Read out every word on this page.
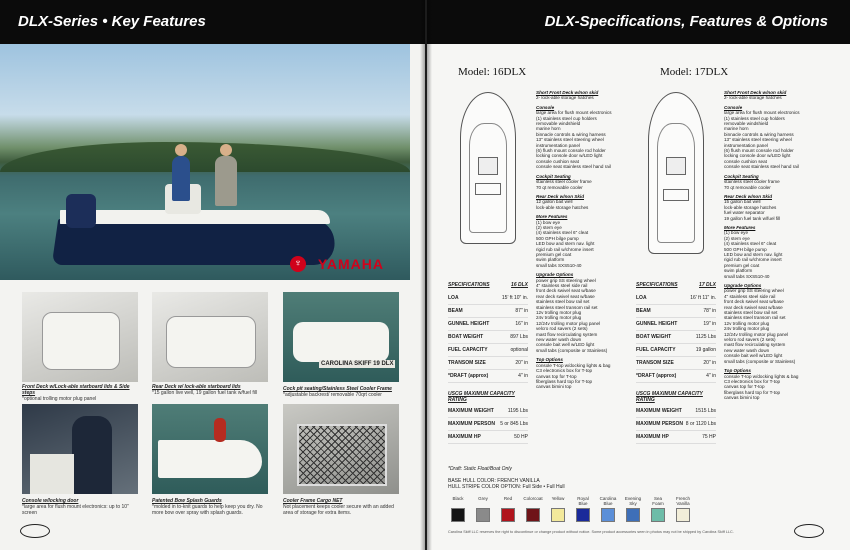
DLX-Series • Key Features
♆	YAMAHA
Front Deck w/Lock-able starboard lids & Side steps
*optional trolling motor plug panel
Rear Deck w/ lock-able starboard lids
*15 gallon live well, 19 gallon fuel tank w/fuel fill
CAROLINA SKIFF 19 DLX
Cock pit seating/Stainless Steel Cooler Frame
*adjustable backrest/ removable 70qrt cooler
Console w/locking door
*large area for flush mount electronics: up to 10" screen
Patented Bow Splash Guards
*molded in to-knit guards to help keep you dry. No more bow over spray with splash guards.
Cooler Frame Cargo NET
Not placement keeps cooler secure with an added area of storage for extra items.
DLX-Specifications, Features & Options
Model: 16DLX	Model: 17DLX
Short Front Deck w/non skid
2- lock-able storage hatches
Console
large area for flush mount electronics
(1) stainless steel cup holders
removable windshield
marine horn
binnacle controls & wiring harness
13" stainless steel steering wheel
instrumentation panel
(6) flush mount console rod holder
locking console door w/LED light
console cushion seat
console seat stainless steel hand rail
Cockpit Seating
stainless steel cooler frame
70 qt removable cooler
Rear Deck w/non Skid
12 gallon bait well
lock-able storage hatches
More Features
(1) bow eye
(2) stern eye
(4) stainless steel 6" cleat
500 GPH bilge pump
LED bow and stern nav. light
rigid rub rail w/chrome insert
premium gel coat
swim platform
small tabs SXS510-40
Upgrade Options
power grip SS steering wheel
4" stainless steel side rail
front deck swivel seat w/base
rear deck swivel seat w/base
stainless steel bow rail set
stainless steel transom rail set
12v trolling motor plug
24v trolling motor plug
12/24v trolling motor plug panel
velcro rod savers (2 sets)
mast flow recirculating system
new water wash down
console bait well w/LED light
small tabs (composite or Stainless)
Top Options
console T-top w/docking lights & bag
C3 electronics box for T-top
canvas top for T-top
fiberglass hard top for T-top
canvas bimini top
Short Front Deck w/non skid
2- lock-able storage hatches
Console
large area for flush mount electronics
(1) stainless steel cup holders
removable windshield
marine horn
binnacle controls & wiring harness
13" stainless steel steering wheel
instrumentation panel
(6) flush mount console rod holder
locking console door w/LED light
console cushion seat
console seat stainless steel hand rail
Cockpit Seating
stainless steel cooler frame
70 qt removable cooler
Rear Deck w/non Skid
15 gallon bait well
lock-able storage hatches
fuel water separator
19 gallon fuel tank w/fuel fill
More Features
(1) bow eye
(2) stern eye
(4) stainless steel 6" cleat
500 GPH bilge pump
LED bow and stern nav. light
rigid rub rail w/chrome insert
premium gel coat
swim platform
small tabs SXS510-40
Upgrade Options
power grip SS steering wheel
4" stainless steel side rail
front deck swivel seat w/base
rear deck swivel seat w/base
stainless steel bow rail set
stainless steel transom rail set
12v trolling motor plug
24v trolling motor plug
12/24v trolling motor plug panel
velcro rod savers (2 sets)
mast flow recirculating system
new water wash down
console bait well w/LED light
small tabs (composite or Stainless)
Top Options
console T-top w/docking lights & bag
C3 electronics box for T-top
canvas top for T-top
fiberglass hard top for T-top
canvas bimini top
SPECIFICATIONS	16 DLX
LOA	15' ft 10" in.
BEAM	87" in
GUNNEL HEIGHT	16" in
BOAT WEIGHT	897 Lbs
FUEL CAPACITY	optional
TRANSOM SIZE	20" in
*DRAFT (approx)	4" in
USCG MAXIMUM CAPACITY RATING
MAXIMUM WEIGHT	1195 Lbs
MAXIMUM PERSON 5 or 845 Lbs
MAXIMUM HP	50 HP
SPECIFICATIONS	17 DLX
LOA	16' ft 11" in.
BEAM	78" in
GUNNEL HEIGHT	19" in
BOAT WEIGHT	1125 Lbs
FUEL CAPACITY	19 gallon
TRANSOM SIZE	20" in
*DRAFT (approx)	4" in
USCG MAXIMUM CAPACITY RATING
MAXIMUM WEIGHT	1515 Lbs
MAXIMUM PERSON 8 or 1120 Lbs
MAXIMUM HP	75 HP
*Draft: Static Float/Boat Only
BASE HULL COLOR: FRENCH VANILLA
HULL STRIPE COLOR OPTION: Full Side • Full Hull
Black	Grey	Red	Colorcoat	Yellow	Royal Blue
Carolina Blue
Evening Sky
Sea Foam
French Vanilla
Carolina Skiff LLC reserves the right to discontinue or change product without notice. Some product accessories seen in photos may not be shipped by Carolina Skiff LLC.
